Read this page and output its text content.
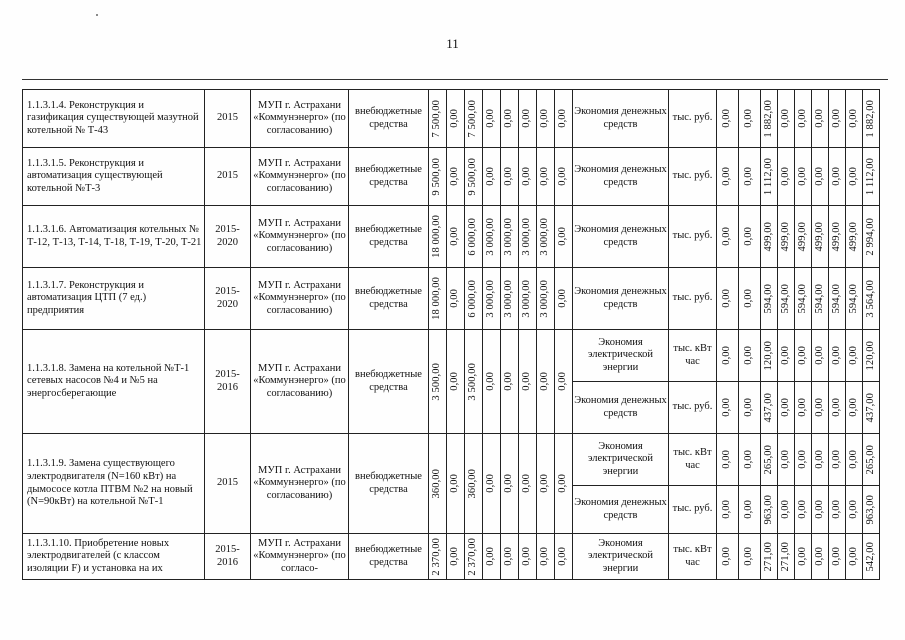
11
1.1.3.1.4. Реконструкция и газификация существующей мазутной котельной № Т-43	2015	МУП г. Астрахани «Коммунэнерго» (по согласованию)	внебюджетные средства	7 500,00	0,00	7 500,00	0,00	0,00	0,00	0,00	0,00	Экономия денежных средств	тыс. руб.	0,00	0,00	1 882,00	0,00	0,00	0,00	0,00	0,00	1 882,00

1.1.3.1.5. Реконструкция и автоматизация существующей котельной №Т-3	2015	МУП г. Астрахани «Коммунэнерго» (по согласованию)	внебюджетные средства	9 500,00	0,00	9 500,00	0,00	0,00	0,00	0,00	0,00	Экономия денежных средств	тыс. руб.	0,00	0,00	1 112,00	0,00	0,00	0,00	0,00	0,00	1 112,00

1.1.3.1.6. Автоматизация котельных № Т-12, Т-13, Т-14, Т-18, Т-19, Т-20, Т-21	2015-2020	МУП г. Астрахани «Коммунэнерго» (по согласованию)	внебюджетные средства	18 000,00	0,00	6 000,00	3 000,00	3 000,00	3 000,00	3 000,00	0,00	Экономия денежных средств	тыс. руб.	0,00	0,00	499,00	499,00	499,00	499,00	499,00	499,00	2 994,00

1.1.3.1.7. Реконструкция и автоматизация ЦТП (7 ед.) предприятия	2015-2020	МУП г. Астрахани «Коммунэнерго» (по согласованию)	внебюджетные средства	18 000,00	0,00	6 000,00	3 000,00	3 000,00	3 000,00	3 000,00	0,00	Экономия денежных средств	тыс. руб.	0,00	0,00	594,00	594,00	594,00	594,00	594,00	594,00	3 564,00

1.1.3.1.8. Замена на котельной №Т-1 сетевых насосов №4 и №5 на энергосберегающие	2015-2016	МУП г. Астрахани «Коммунэнерго» (по согласованию)	внебюджетные средства	3 500,00	0,00	3 500,00	0,00	0,00	0,00	0,00	0,00	Экономия электрической энергии	тыс. кВт час	0,00	0,00	120,00	0,00	0,00	0,00	0,00	0,00	120,00

												Экономия денежных средств	тыс. руб.	0,00	0,00	437,00	0,00	0,00	0,00	0,00	0,00	437,00

1.1.3.1.9. Замена существующего электродвигателя (N=160 кВт) на дымососе котла ПТВМ №2 на новый (N=90кВт) на котельной №Т-1	2015	МУП г. Астрахани «Коммунэнерго» (по согласованию)	внебюджетные средства	360,00	0,00	360,00	0,00	0,00	0,00	0,00	0,00	Экономия электрической энергии	тыс. кВт час	0,00	0,00	265,00	0,00	0,00	0,00	0,00	0,00	265,00

												Экономия денежных средств	тыс. руб.	0,00	0,00	963,00	0,00	0,00	0,00	0,00	0,00	963,00

1.1.3.1.10. Приобретение новых электродвигателей (с классом изоляции F) и установка на их	2015-2016	МУП г. Астрахани «Коммунэнерго» (по согласо-	внебюджетные средства	2 370,00	0,00	2 370,00	0,00	0,00	0,00	0,00	0,00	Экономия электрической энергии	тыс. кВт час	0,00	0,00	271,00	271,00	0,00	0,00	0,00	0,00	542,00
